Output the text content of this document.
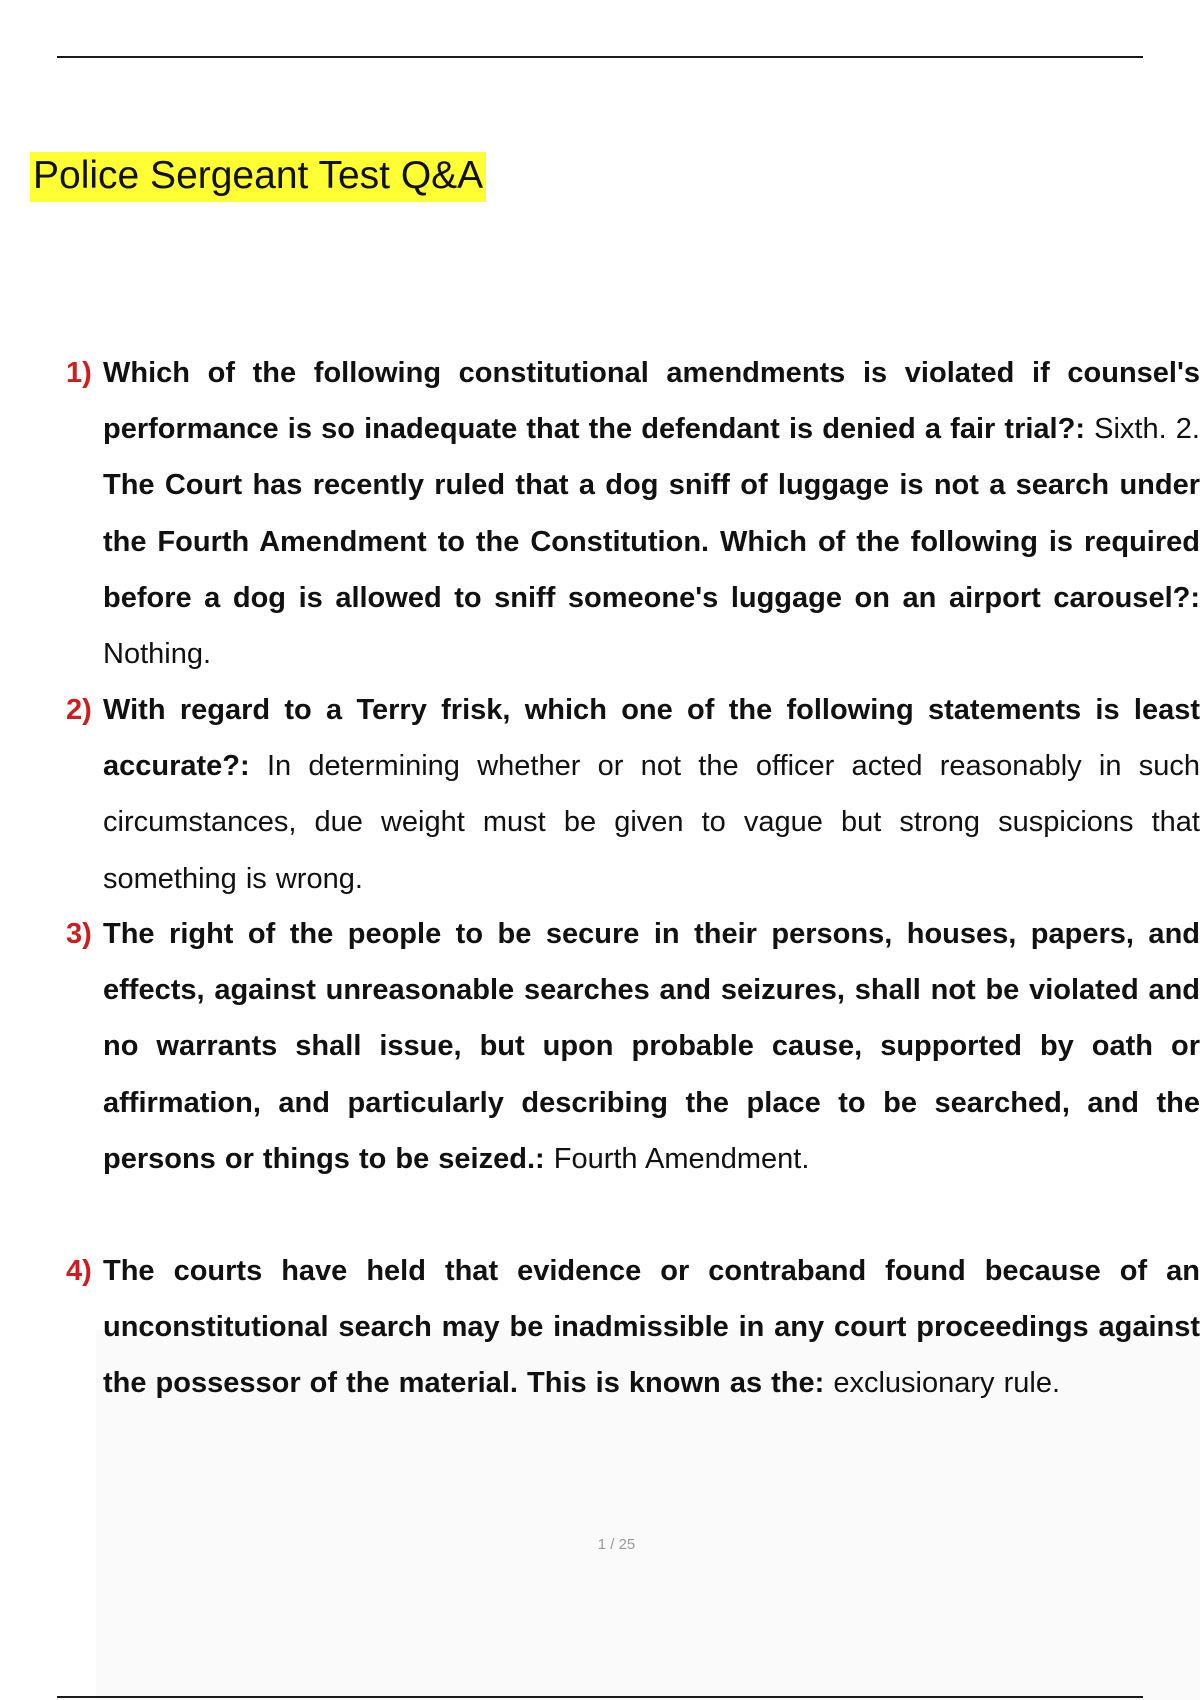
Police Sergeant Test Q&A
1) Which of the following constitutional amendments is violated if counsel's performance is so inadequate that the defendant is denied a fair trial?: Sixth. 2. The Court has recently ruled that a dog sniff of luggage is not a search under the Fourth Amendment to the Constitution. Which of the following is required before a dog is allowed to sniff someone's luggage on an airport carousel?: Nothing.

2) With regard to a Terry frisk, which one of the following statements is least accurate?: In determining whether or not the officer acted reasonably in such circumstances, due weight must be given to vague but strong suspicions that something is wrong.

3) The right of the people to be secure in their persons, houses, papers, and effects, against unreasonable searches and seizures, shall not be violated and no warrants shall issue, but upon probable cause, supported by oath or affirmation, and particularly describing the place to be searched, and the persons or things to be seized.: Fourth Amendment.

4) The courts have held that evidence or contraband found because of an unconstitutional search may be inadmissible in any court proceedings against the possessor of the material. This is known as the: exclusionary rule.

1 / 25
